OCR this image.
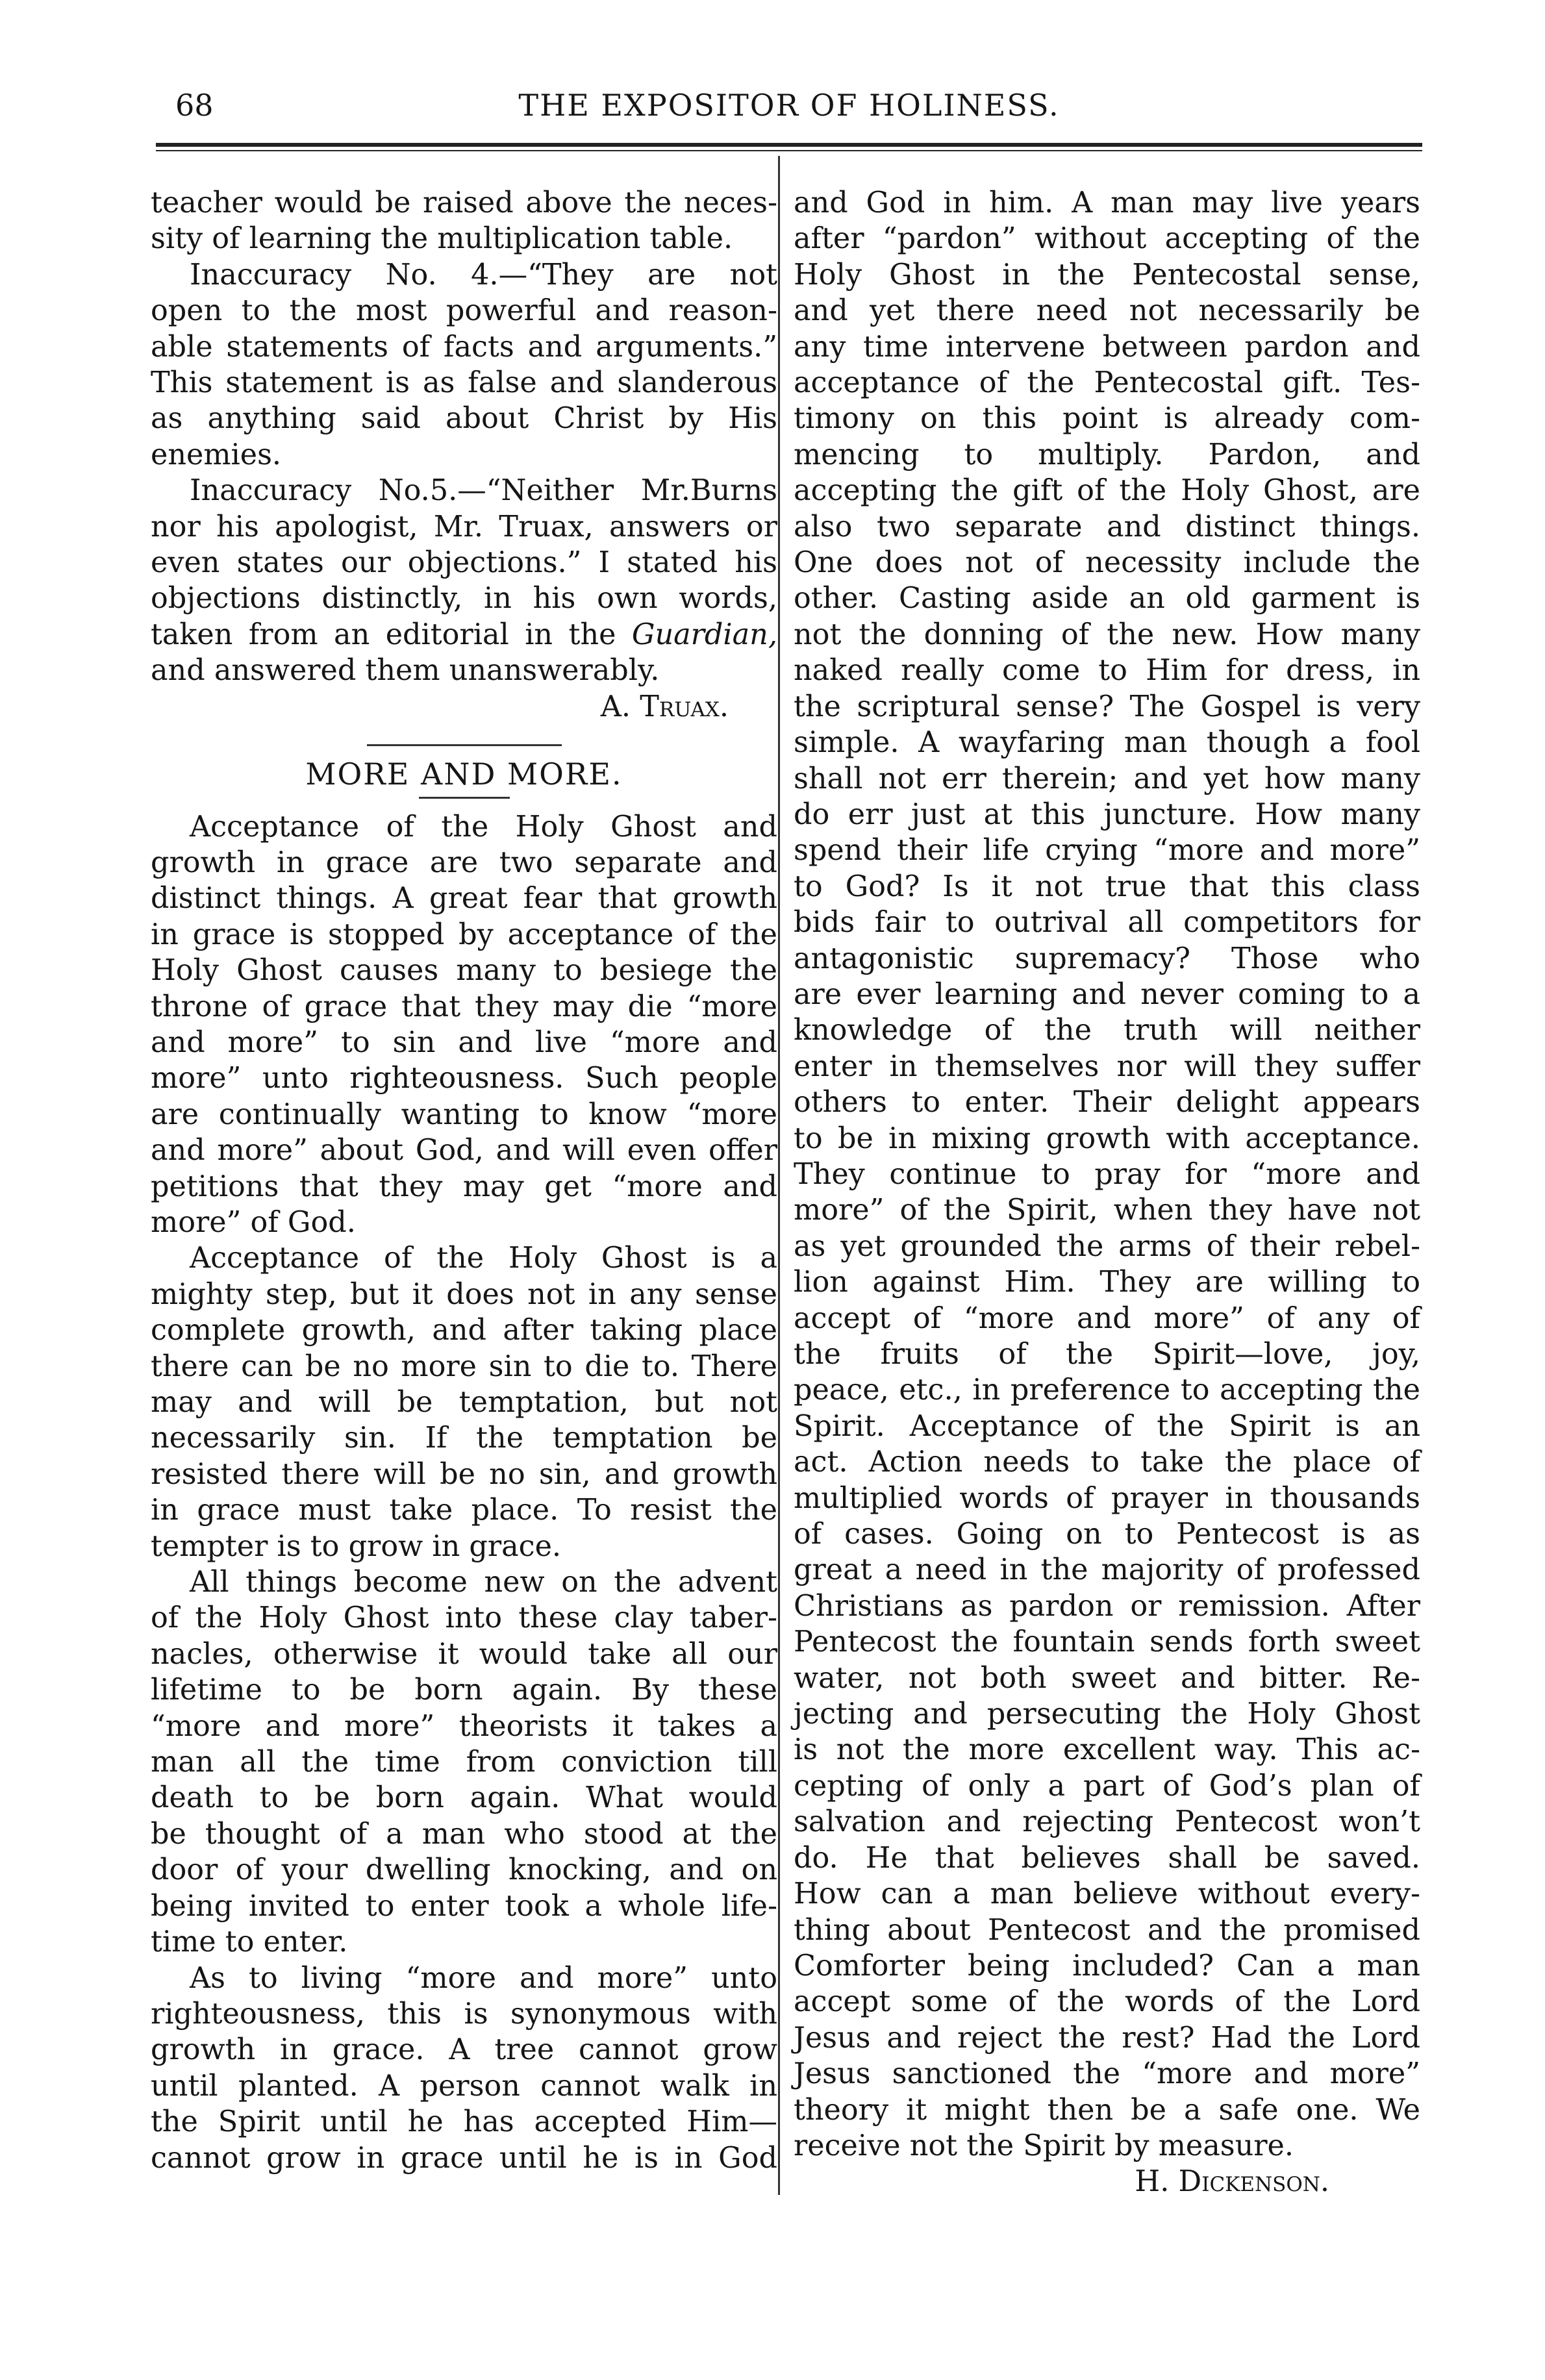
68	THE EXPOSITOR OF HOLINESS.
teacher would be raised above the neces-
sity of learning the multiplication table.
Inaccuracy No. 4.—“They are not
open to the most powerful and reason-
able statements of facts and arguments.”
This statement is as false and slanderous
as anything said about Christ by His
enemies.
Inaccuracy No.5.—“Neither Mr.Burns
nor his apologist, Mr. Truax, answers or
even states our objections.” I stated his
objections distinctly, in his own words,
taken from an editorial in the Guardian,
and answered them unanswerably.
A. Truax.
MORE AND MORE.
Acceptance of the Holy Ghost and
growth in grace are two separate and
distinct things. A great fear that growth
in grace is stopped by acceptance of the
Holy Ghost causes many to besiege the
throne of grace that they may die “more
and more” to sin and live “more and
more” unto righteousness. Such people
are continually wanting to know “more
and more” about God, and will even offer
petitions that they may get “more and
more” of God.
Acceptance of the Holy Ghost is a
mighty step, but it does not in any sense
complete growth, and after taking place
there can be no more sin to die to. There
may and will be temptation, but not
necessarily sin. If the temptation be
resisted there will be no sin, and growth
in grace must take place. To resist the
tempter is to grow in grace.
All things become new on the advent
of the Holy Ghost into these clay taber-
nacles, otherwise it would take all our
lifetime to be born again. By these
“more and more” theorists it takes a
man all the time from conviction till
death to be born again. What would
be thought of a man who stood at the
door of your dwelling knocking, and on
being invited to enter took a whole life-
time to enter.
As to living “more and more” unto
righteousness, this is synonymous with
growth in grace. A tree cannot grow
until planted. A person cannot walk in
the Spirit until he has accepted Him—
cannot grow in grace until he is in God
and God in him. A man may live years
after “pardon” without accepting of the
Holy Ghost in the Pentecostal sense,
and yet there need not necessarily be
any time intervene between pardon and
acceptance of the Pentecostal gift. Tes-
timony on this point is already com-
mencing to multiply. Pardon, and
accepting the gift of the Holy Ghost, are
also two separate and distinct things.
One does not of necessity include the
other. Casting aside an old garment is
not the donning of the new. How many
naked really come to Him for dress, in
the scriptural sense? The Gospel is very
simple. A wayfaring man though a fool
shall not err therein; and yet how many
do err just at this juncture. How many
spend their life crying “more and more”
to God? Is it not true that this class
bids fair to outrival all competitors for
antagonistic supremacy? Those who
are ever learning and never coming to a
knowledge of the truth will neither
enter in themselves nor will they suffer
others to enter. Their delight appears
to be in mixing growth with acceptance.
They continue to pray for “more and
more” of the Spirit, when they have not
as yet grounded the arms of their rebel-
lion against Him. They are willing to
accept of “more and more” of any of
the fruits of the Spirit—love, joy,
peace, etc., in preference to accepting the
Spirit. Acceptance of the Spirit is an
act. Action needs to take the place of
multiplied words of prayer in thousands
of cases. Going on to Pentecost is as
great a need in the majority of professed
Christians as pardon or remission. After
Pentecost the fountain sends forth sweet
water, not both sweet and bitter. Re-
jecting and persecuting the Holy Ghost
is not the more excellent way. This ac-
cepting of only a part of God’s plan of
salvation and rejecting Pentecost won’t
do. He that believes shall be saved.
How can a man believe without every-
thing about Pentecost and the promised
Comforter being included? Can a man
accept some of the words of the Lord
Jesus and reject the rest? Had the Lord
Jesus sanctioned the “more and more”
theory it might then be a safe one. We
receive not the Spirit by measure.
H. Dickenson.
